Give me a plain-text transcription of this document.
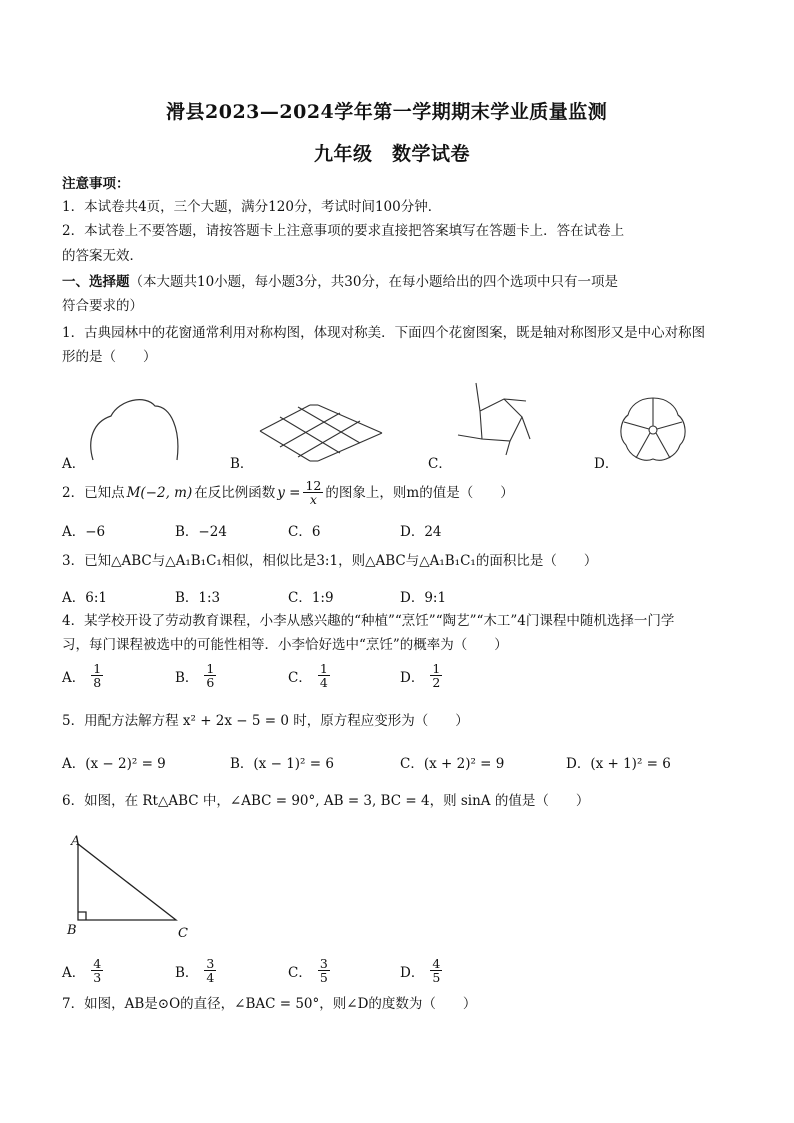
滑县2023—2024学年第一学期期末学业质量监测
九年级　数学试卷
注意事项：
1．本试卷共4页，三个大题，满分120分，考试时间100分钟．
2．本试卷上不要答题，请按答题卡上注意事项的要求直接把答案填写在答题卡上．答在试卷上
的答案无效．
一、选择题（本大题共10小题，每小题3分，共30分，在每小题给出的四个选项中只有一项是
符合要求的）
1．古典园林中的花窗通常利用对称构图，体现对称美．下面四个花窗图案，既是轴对称图形又是中心对称图
形的是（　　）
A．	B．	C．	D．
2．已知点 M(−2, m) 在反比例函数 $y = \frac{12}{x}$ 的图象上，则m的值是（　　）
A．−6	B．−24	C．6	D．24
3．已知△ABC与△A₁B₁C₁相似，相似比是3:1，则△ABC与△A₁B₁C₁的面积比是（　　）
A．6:1	B．1:3	C．1:9	D．9:1
4．某学校开设了劳动教育课程，小李从感兴趣的“种植”“烹饪”“陶艺”“木工”4门课程中随机选择一门学
习，每门课程被选中的可能性相等．小李恰好选中“烹饪”的概率为（　　）
A． $\frac{1}{8}$	B． $\frac{1}{6}$	C． $\frac{1}{4}$	D． $\frac{1}{2}$
5．用配方法解方程 x² + 2x − 5 = 0 时，原方程应变形为（　　）
A．(x − 2)² = 9	B．(x − 1)² = 6	C．(x + 2)² = 9	D．(x + 1)² = 6
6．如图，在 Rt△ABC 中，∠ABC = 90°, AB = 3, BC = 4，则 sinA 的值是（　　）
A
B	C
A． $\frac{4}{3}$	B． $\frac{3}{4}$	C． $\frac{3}{5}$	D． $\frac{4}{5}$
7．如图，AB是⊙O的直径，∠BAC = 50°，则∠D的度数为（　　）
